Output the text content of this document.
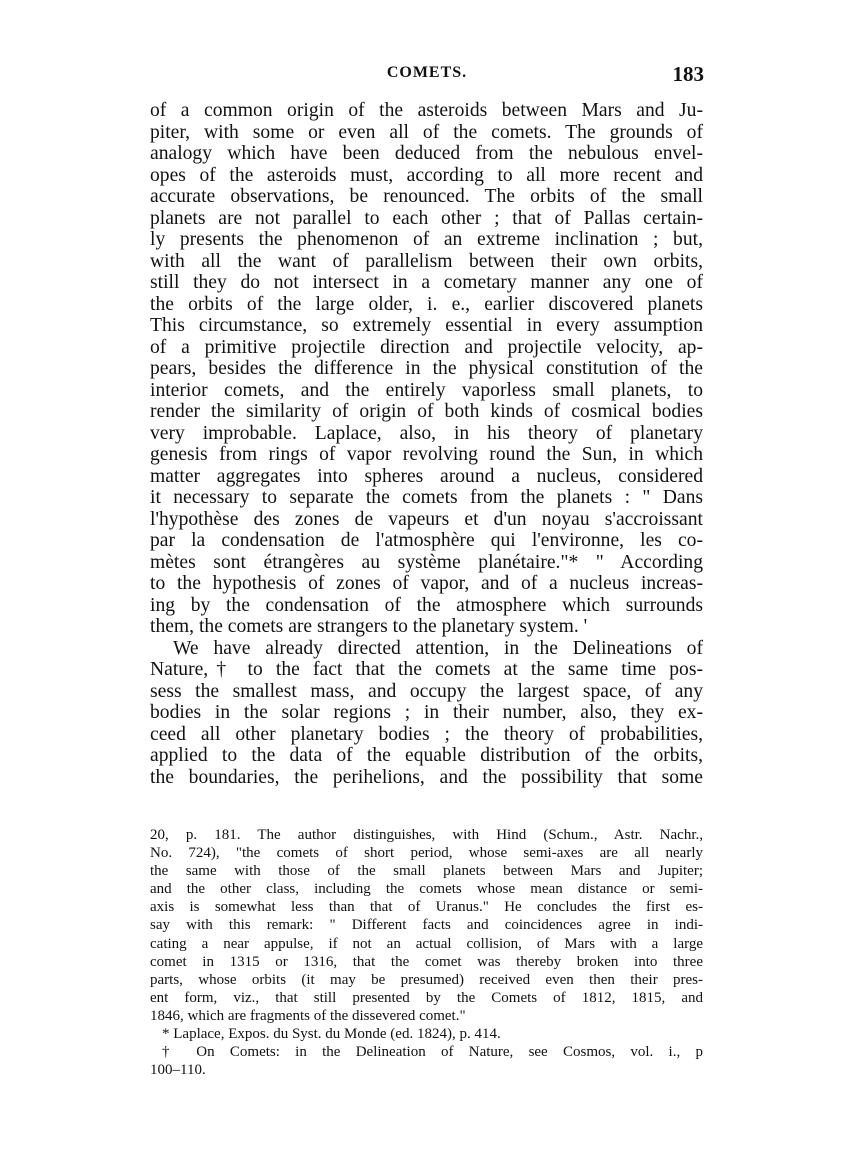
COMETS.	183
of a common origin of the asteroids between Mars and Ju-
piter, with some or even all of the comets. The grounds of
analogy which have been deduced from the nebulous envel-
opes of the asteroids must, according to all more recent and
accurate observations, be renounced. The orbits of the small
planets are not parallel to each other ; that of Pallas certain-
ly presents the phenomenon of an extreme inclination ; but,
with all the want of parallelism between their own orbits,
still they do not intersect in a cometary manner any one of
the orbits of the large older, i. e., earlier discovered planets
This circumstance, so extremely essential in every assumption
of a primitive projectile direction and projectile velocity, ap-
pears, besides the difference in the physical constitution of the
interior comets, and the entirely vaporless small planets, to
render the similarity of origin of both kinds of cosmical bodies
very improbable. Laplace, also, in his theory of planetary
genesis from rings of vapor revolving round the Sun, in which
matter aggregates into spheres around a nucleus, considered
it necessary to separate the comets from the planets : " Dans
l'hypothèse des zones de vapeurs et d'un noyau s'accroissant
par la condensation de l'atmosphère qui l'environne, les co-
mètes sont étrangères au système planétaire."* " According
to the hypothesis of zones of vapor, and of a nucleus increas-
ing by the condensation of the atmosphere which surrounds
them, the comets are strangers to the planetary system. '
We have already directed attention, in the Delineations of
Nature,† to the fact that the comets at the same time pos-
sess the smallest mass, and occupy the largest space, of any
bodies in the solar regions ; in their number, also, they ex-
ceed all other planetary bodies ; the theory of probabilities,
applied to the data of the equable distribution of the orbits,
the boundaries, the perihelions, and the possibility that some
20, p. 181. The author distinguishes, with Hind (Schum., Astr. Nachr.,
No. 724), "the comets of short period, whose semi-axes are all nearly
the same with those of the small planets between Mars and Jupiter;
and the other class, including the comets whose mean distance or semi-
axis is somewhat less than that of Uranus." He concludes the first es-
say with this remark: " Different facts and coincidences agree in indi-
cating a near appulse, if not an actual collision, of Mars with a large
comet in 1315 or 1316, that the comet was thereby broken into three
parts, whose orbits (it may be presumed) received even then their pres-
ent form, viz., that still presented by the Comets of 1812, 1815, and
1846, which are fragments of the dissevered comet."
* Laplace, Expos. du Syst. du Monde (ed. 1824), p. 414.
† On Comets: in the Delineation of Nature, see Cosmos, vol. i., p
100–110.
